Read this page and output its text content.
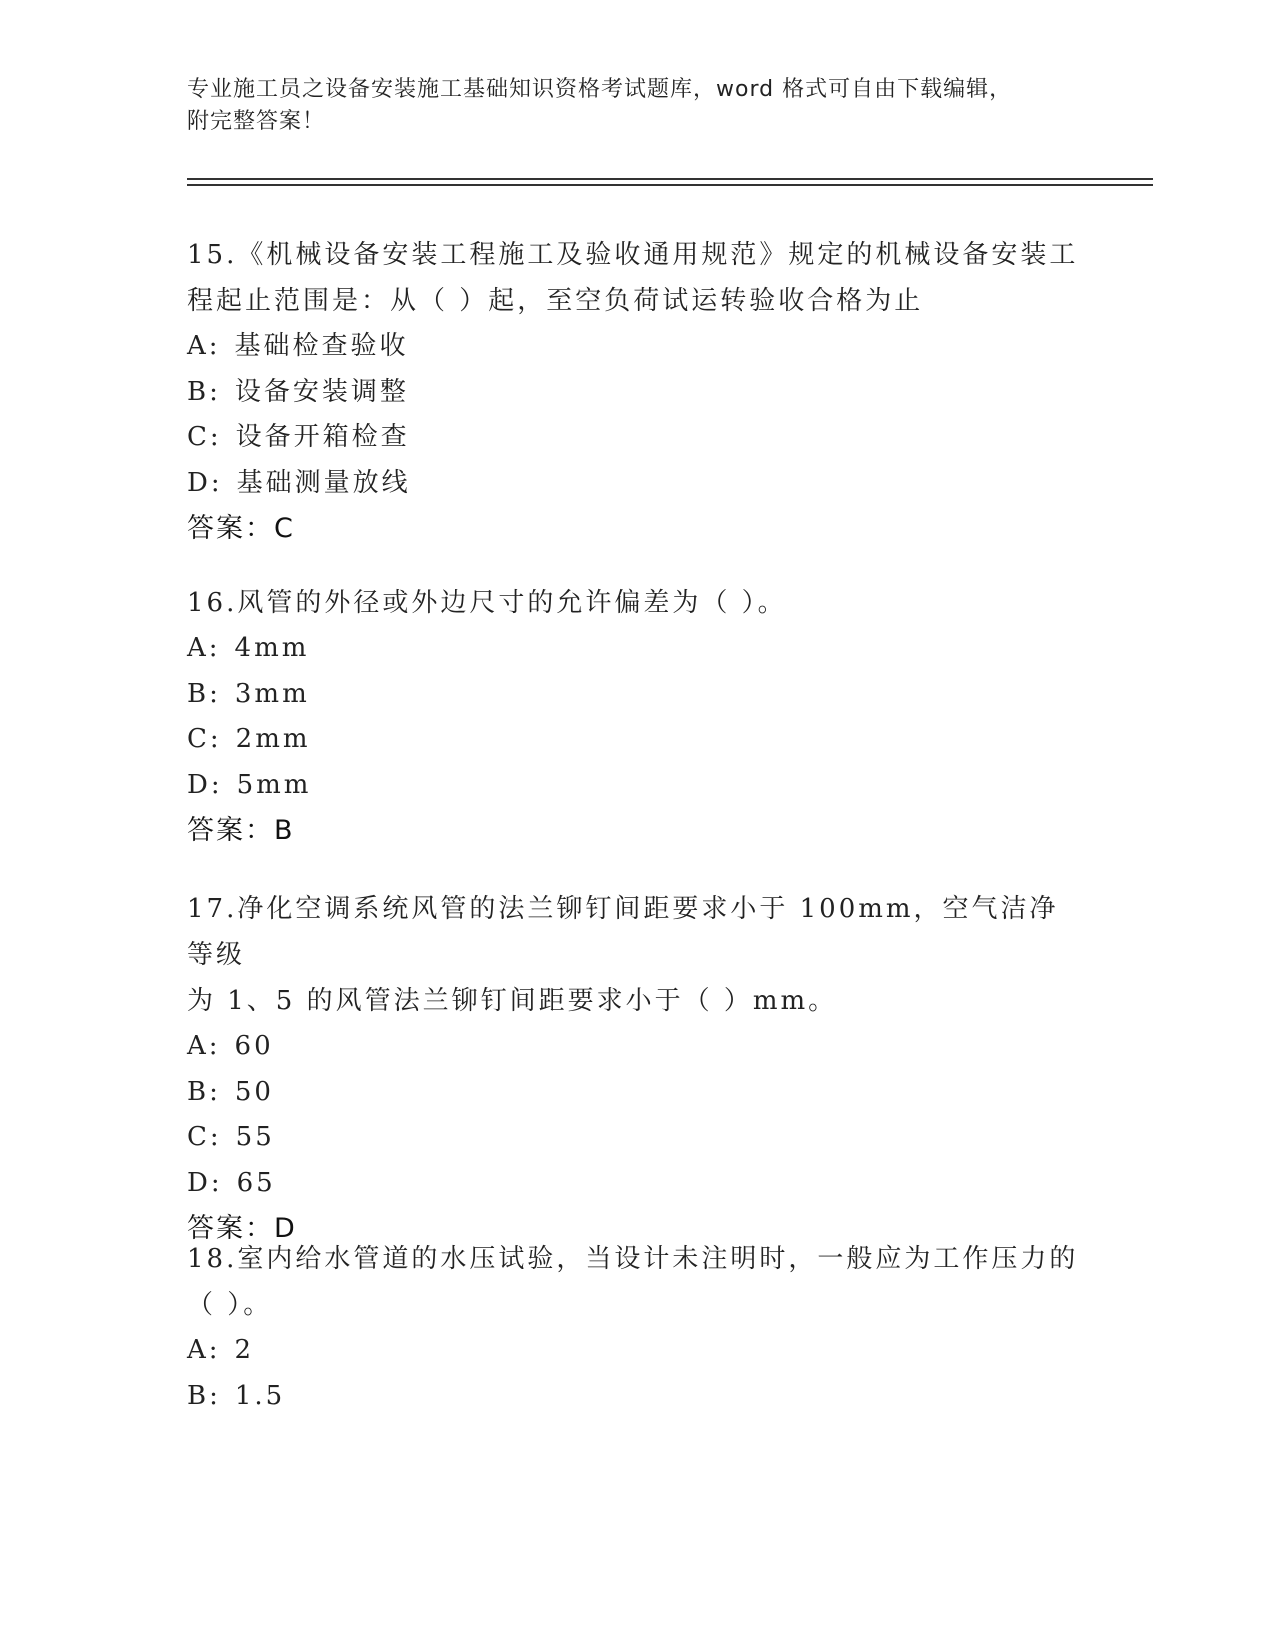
专业施工员之设备安装施工基础知识资格考试题库，word 格式可自由下载编辑，
附完整答案！

15.《机械设备安装工程施工及验收通用规范》规定的机械设备安装工

程起止范围是：从（ ）起，至空负荷试运转验收合格为止

A: 基础检查验收
B: 设备安装调整
C: 设备开箱检查
D: 基础测量放线
答案：C

16.风管的外径或外边尺寸的允许偏差为（ ）。

A: 4mm
B: 3mm
C: 2mm
D: 5mm
答案：B

17.净化空调系统风管的法兰铆钉间距要求小于 100mm，空气洁净等级

为 1、5 的风管法兰铆钉间距要求小于（ ）mm。

A: 60
B: 50
C: 55
D: 65
答案：D

18.室内给水管道的水压试验，当设计未注明时，一般应为工作压力的

（ ）。

A: 2
B: 1.5
